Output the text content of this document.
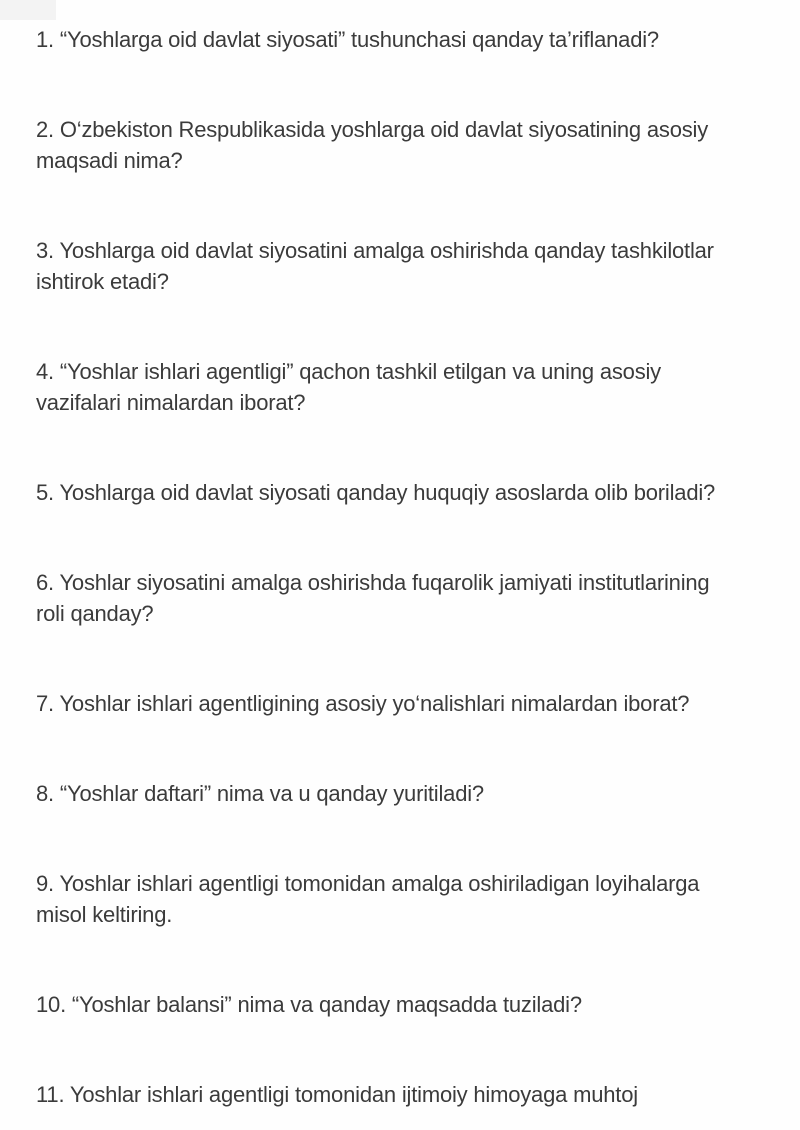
1. “Yoshlarga oid davlat siyosati” tushunchasi qanday ta’riflanadi?

2. O‘zbekiston Respublikasida yoshlarga oid davlat siyosatining asosiy
maqsadi nima?

3. Yoshlarga oid davlat siyosatini amalga oshirishda qanday tashkilotlar
ishtirok etadi?

4. “Yoshlar ishlari agentligi” qachon tashkil etilgan va uning asosiy
vazifalari nimalardan iborat?

5. Yoshlarga oid davlat siyosati qanday huquqiy asoslarda olib boriladi?

6. Yoshlar siyosatini amalga oshirishda fuqarolik jamiyati institutlarining
roli qanday?

7. Yoshlar ishlari agentligining asosiy yo‘nalishlari nimalardan iborat?

8. “Yoshlar daftari” nima va u qanday yuritiladi?

9. Yoshlar ishlari agentligi tomonidan amalga oshiriladigan loyihalarga
misol keltiring.

10. “Yoshlar balansi” nima va qanday maqsadda tuziladi?

11. Yoshlar ishlari agentligi tomonidan ijtimoiy himoyaga muhtoj
